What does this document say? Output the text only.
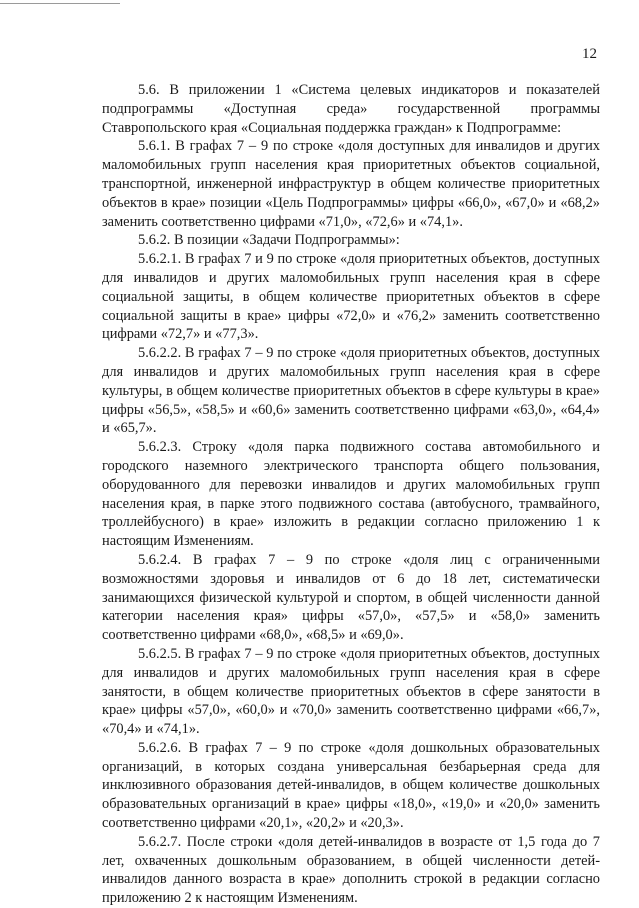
12

5.6. В приложении 1 «Система целевых индикаторов и показателей подпрограммы «Доступная среда» государственной программы Ставропольского края «Социальная поддержка граждан» к Подпрограмме:

5.6.1. В графах 7 – 9 по строке «доля доступных для инвалидов и других маломобильных групп населения края приоритетных объектов социальной, транспортной, инженерной инфраструктур в общем количестве приоритетных объектов в крае» позиции «Цель Подпрограммы» цифры «66,0», «67,0» и «68,2» заменить соответственно цифрами «71,0», «72,6» и «74,1».

5.6.2. В позиции «Задачи Подпрограммы»:

5.6.2.1. В графах 7 и 9 по строке «доля приоритетных объектов, доступных для инвалидов и других маломобильных групп населения края в сфере социальной защиты, в общем количестве приоритетных объектов в сфере социальной защиты в крае» цифры «72,0» и «76,2» заменить соответственно цифрами «72,7» и «77,3».

5.6.2.2. В графах 7 – 9 по строке «доля приоритетных объектов, доступных для инвалидов и других маломобильных групп населения края в сфере культуры, в общем количестве приоритетных объектов в сфере культуры в крае» цифры «56,5», «58,5» и «60,6» заменить соответственно цифрами «63,0», «64,4» и «65,7».

5.6.2.3. Строку «доля парка подвижного состава автомобильного и городского наземного электрического транспорта общего пользования, оборудованного для перевозки инвалидов и других маломобильных групп населения края, в парке этого подвижного состава (автобусного, трамвайного, троллейбусного) в крае» изложить в редакции согласно приложению 1 к настоящим Изменениям.

5.6.2.4. В графах 7 – 9 по строке «доля лиц с ограниченными возможностями здоровья и инвалидов от 6 до 18 лет, систематически занимающихся физической культурой и спортом, в общей численности данной категории населения края» цифры «57,0», «57,5» и «58,0» заменить соответственно цифрами «68,0», «68,5» и «69,0».

5.6.2.5. В графах 7 – 9 по строке «доля приоритетных объектов, доступных для инвалидов и других маломобильных групп населения края в сфере занятости, в общем количестве приоритетных объектов в сфере занятости в крае» цифры «57,0», «60,0» и «70,0» заменить соответственно цифрами «66,7», «70,4» и «74,1».

5.6.2.6. В графах 7 – 9 по строке «доля дошкольных образовательных организаций, в которых создана универсальная безбарьерная среда для инклюзивного образования детей-инвалидов, в общем количестве дошкольных образовательных организаций в крае» цифры «18,0», «19,0» и «20,0» заменить соответственно цифрами «20,1», «20,2» и «20,3».

5.6.2.7. После строки «доля детей-инвалидов в возрасте от 1,5 года до 7 лет, охваченных дошкольным образованием, в общей численности детей-инвалидов данного возраста в крае» дополнить строкой в редакции согласно приложению 2 к настоящим Изменениям.
